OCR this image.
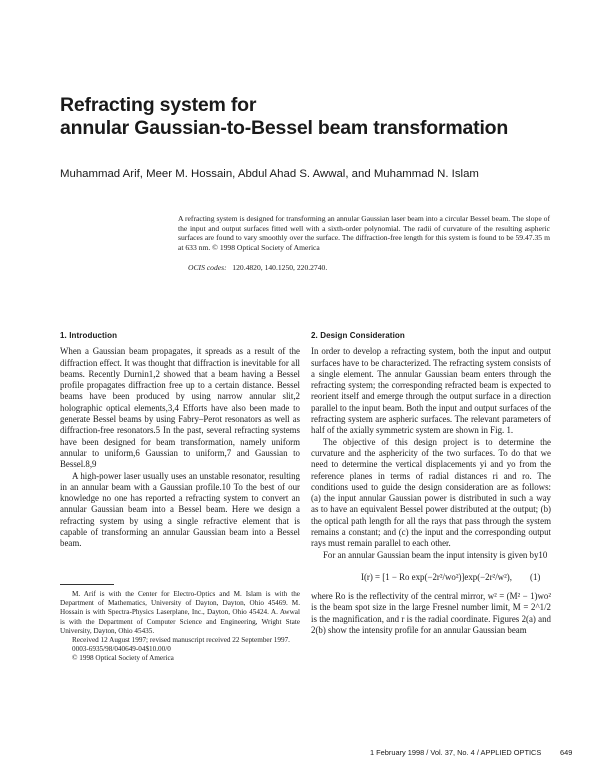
Refracting system for
annular Gaussian-to-Bessel beam transformation
Muhammad Arif, Meer M. Hossain, Abdul Ahad S. Awwal, and Muhammad N. Islam
A refracting system is designed for transforming an annular Gaussian laser beam into a circular Bessel beam. The slope of the input and output surfaces fitted well with a sixth-order polynomial. The radii of curvature of the resulting aspheric surfaces are found to vary smoothly over the surface. The diffraction-free length for this system is found to be 59.47.35 m at 633 nm. © 1998 Optical Society of America
OCIS codes: 120.4820, 140.1250, 220.2740.
1. Introduction

When a Gaussian beam propagates, it spreads as a result of the diffraction effect. It was thought that diffraction is inevitable for all beams. Recently Durnin1,2 showed that a beam having a Bessel profile propagates diffraction free up to a certain distance. Bessel beams have been produced by using narrow annular slit,2 holographic optical elements,3,4 Efforts have also been made to generate Bessel beams by using Fabry–Perot resonators as well as diffraction-free resonators.5 In the past, several refracting systems have been designed for beam transformation, namely uniform annular to uniform,6 Gaussian to uniform,7 and Gaussian to Bessel.8,9

A high-power laser usually uses an unstable resonator, resulting in an annular beam with a Gaussian profile.10 To the best of our knowledge no one has reported a refracting system to convert an annular Gaussian beam into a Bessel beam. Here we design a refracting system by using a single refractive element that is capable of transforming an annular Gaussian beam into a Bessel beam.

M. Arif is with the Center for Electro-Optics and M. Islam is with the Department of Mathematics, University of Dayton, Dayton, Ohio 45469. M. Hossain is with Spectra-Physics Laserplane, Inc., Dayton, Ohio 45424. A. Awwal is with the Department of Computer Science and Engineering, Wright State University, Dayton, Ohio 45435.

Received 12 August 1997; revised manuscript received 22 September 1997.

0003-6935/98/040649-04$10.00/0

© 1998 Optical Society of America

2. Design Consideration

In order to develop a refracting system, both the input and output surfaces have to be characterized. The refracting system consists of a single element. The annular Gaussian beam enters through the refracting system; the corresponding refracted beam is expected to reorient itself and emerge through the output surface in a direction parallel to the input beam. Both the input and output surfaces of the refracting system are aspheric surfaces. The relevant parameters of half of the axially symmetric system are shown in Fig. 1.

The objective of this design project is to determine the curvature and the asphericity of the two surfaces. To do that we need to determine the vertical displacements yi and yo from the reference planes in terms of radial distances ri and ro. The conditions used to guide the design consideration are as follows: (a) the input annular Gaussian power is distributed in such a way as to have an equivalent Bessel power distributed at the output; (b) the optical path length for all the rays that pass through the system remains a constant; and (c) the input and the corresponding output rays must remain parallel to each other.

For an annular Gaussian beam the input intensity is given by10

I(r) = [1 − Ro exp(−2r²/wo²)]exp(−2r²/w²),	(1)

where Ro is the reflectivity of the central mirror, w² = (M² − 1)wo² is the beam spot size in the large Fresnel number limit, M = 2^1/2 is the magnification, and r is the radial coordinate. Figures 2(a) and 2(b) show the intensity profile for an annular Gaussian beam

1 February 1998 / Vol. 37, No. 4 / APPLIED OPTICS	649
